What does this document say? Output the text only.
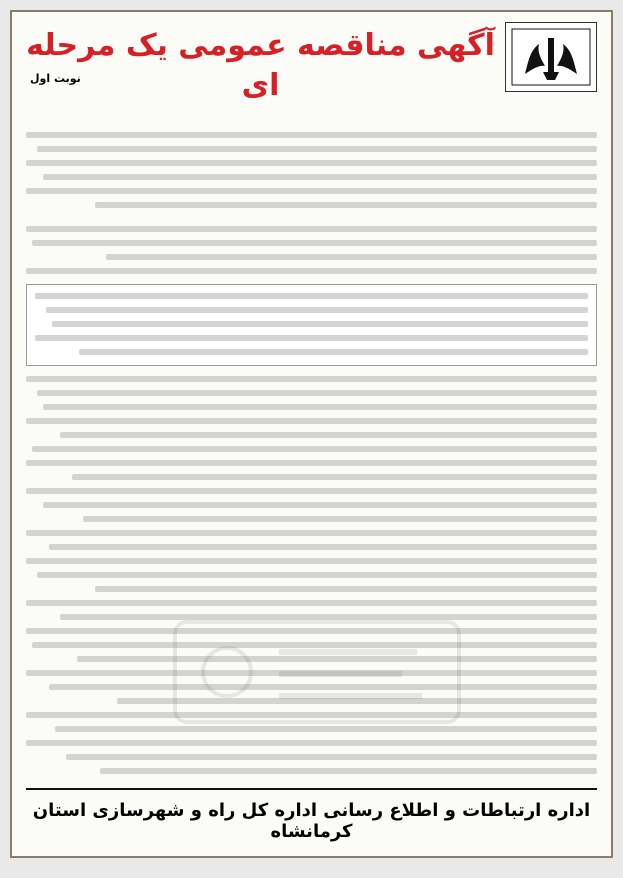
آگهی مناقصه عمومی یک مرحله ای
نوبت اول
اداره ارتباطات و اطلاع رسانی اداره کل راه و شهرسازی استان کرمانشاه
